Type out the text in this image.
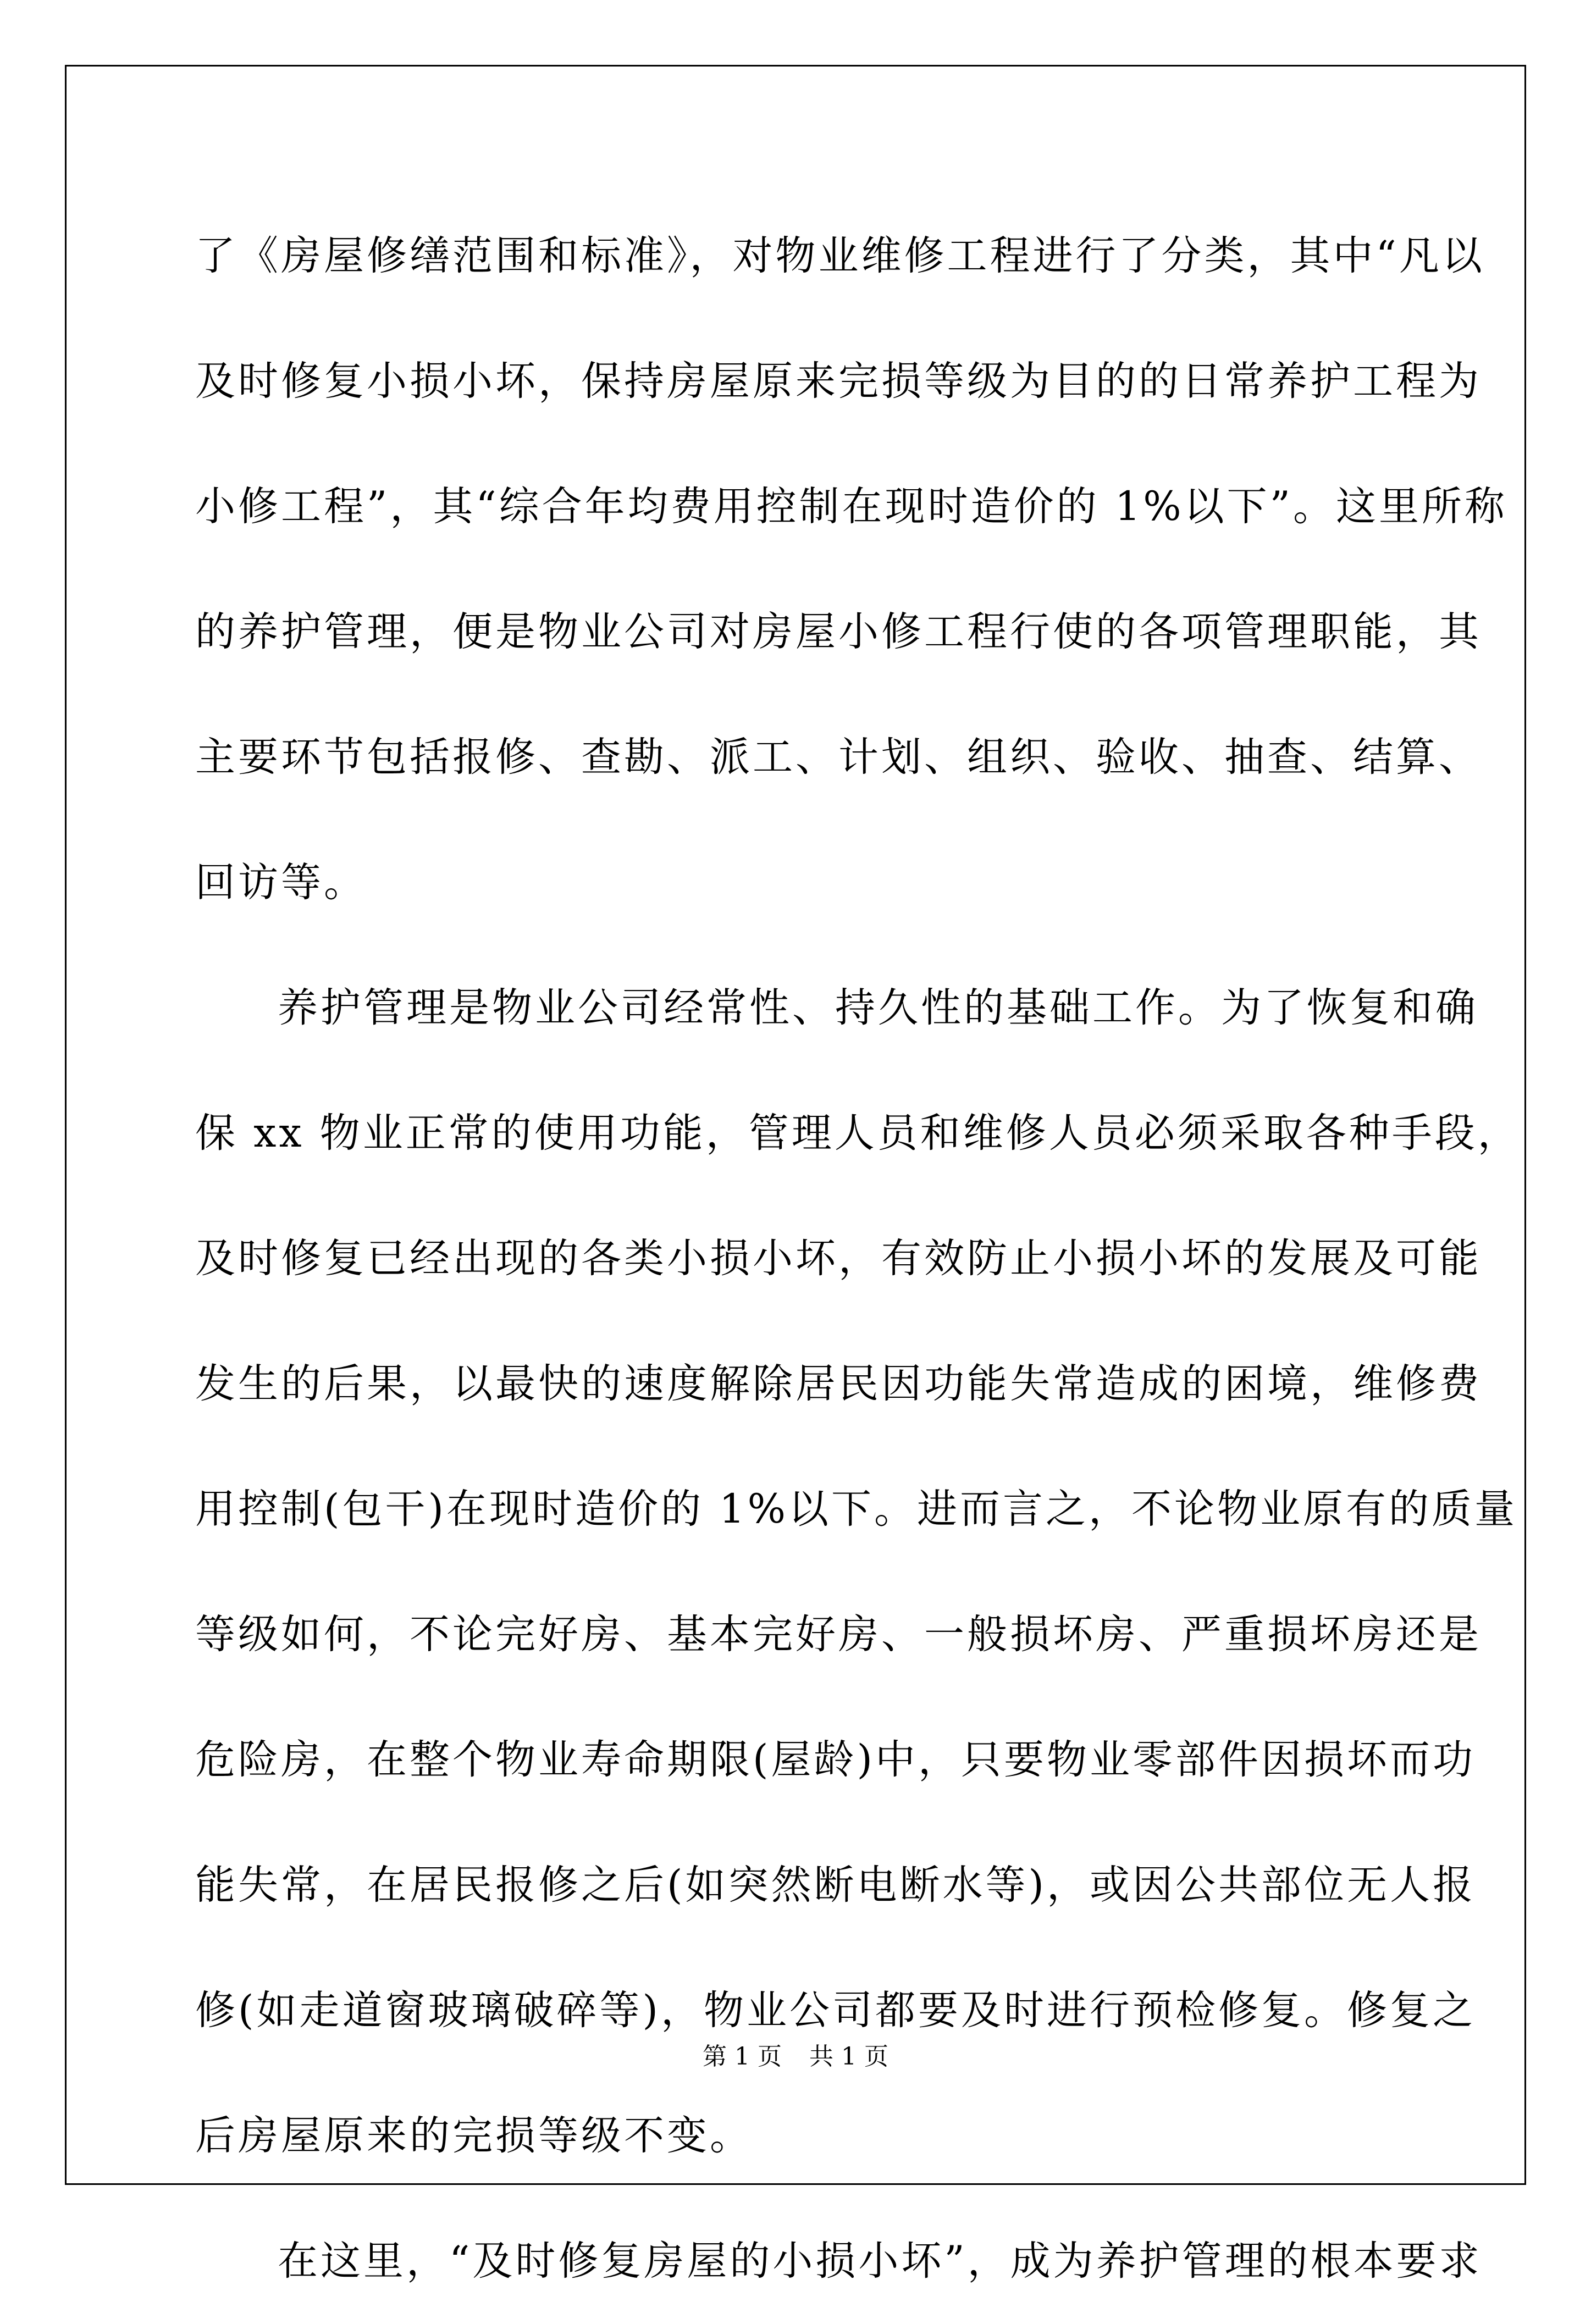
了《房屋修缮范围和标准》，对物业维修工程进行了分类，其中“凡以
及时修复小损小坏，保持房屋原来完损等级为目的的日常养护工程为
小修工程”，其“综合年均费用控制在现时造价的 1%以下”。这里所称
的养护管理，便是物业公司对房屋小修工程行使的各项管理职能，其
主要环节包括报修、查勘、派工、计划、组织、验收、抽查、结算、
回访等。
养护管理是物业公司经常性、持久性的基础工作。为了恢复和确
保 xx 物业正常的使用功能，管理人员和维修人员必须采取各种手段，
及时修复已经出现的各类小损小坏，有效防止小损小坏的发展及可能
发生的后果，以最快的速度解除居民因功能失常造成的困境，维修费
用控制(包干)在现时造价的 1%以下。进而言之，不论物业原有的质量
等级如何，不论完好房、基本完好房、一般损坏房、严重损坏房还是
危险房，在整个物业寿命期限(屋龄)中，只要物业零部件因损坏而功
能失常，在居民报修之后(如突然断电断水等)，或因公共部位无人报
修(如走道窗玻璃破碎等)，物业公司都要及时进行预检修复。修复之
后房屋原来的完损等级不变。
在这里，“及时修复房屋的小损小坏”，成为养护管理的根本要求
第 1 页 共 1 页
